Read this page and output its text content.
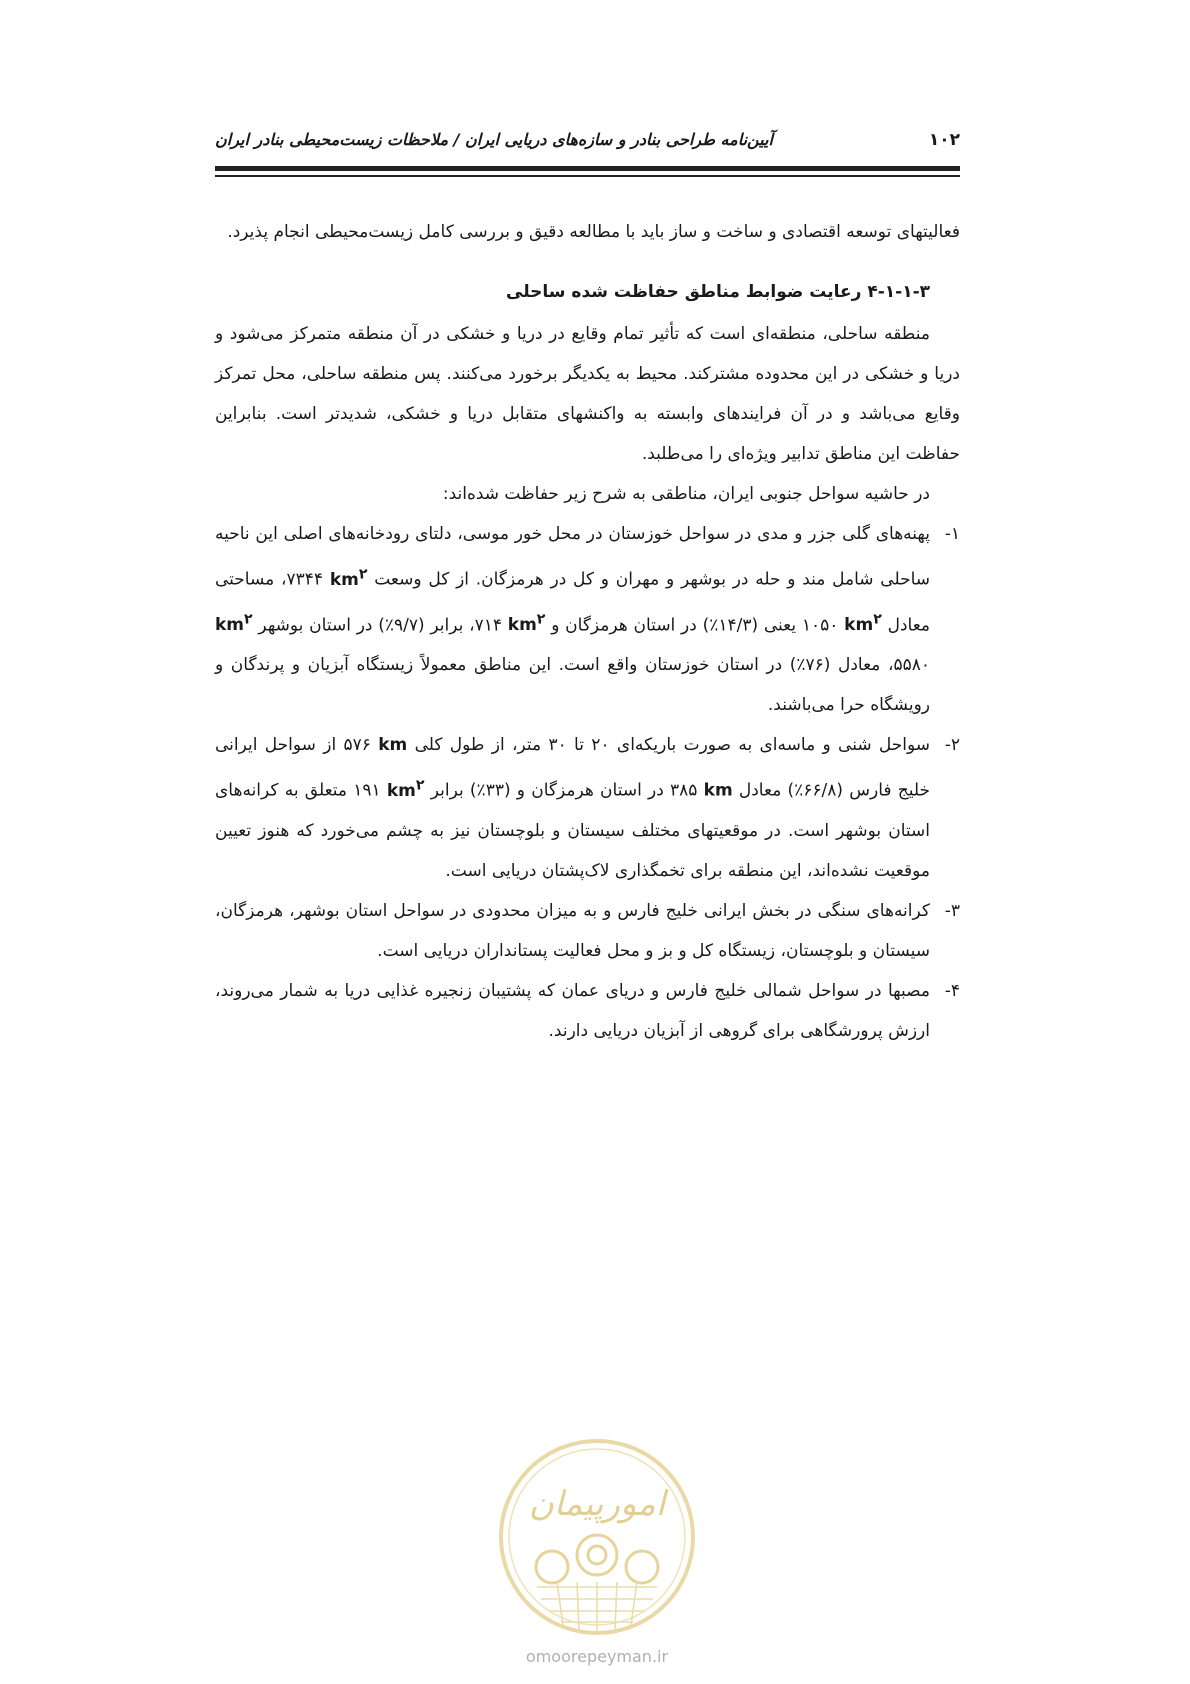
۱۰۲
آیین‌نامه طراحی بنادر و سازه‌های دریایی ایران / ملاحظات زیست‌محیطی بنادر ایران

فعالیتهای توسعه اقتصادی و ساخت و ساز باید با مطالعه دقیق و بررسی کامل زیست‌محیطی انجام پذیرد.

۴-۱-۱-۳ رعایت ضوابط مناطق حفاظت شده ساحلی

منطقه ساحلی، منطقه‌ای است که تأثیر تمام وقایع در دریا و خشکی در آن منطقه متمرکز می‌شود و دریا و خشکی در این محدوده مشترکند. محیط به یکدیگر برخورد می‌کنند. پس منطقه ساحلی، محل تمرکز وقایع می‌باشد و در آن فرایندهای وابسته به واکنشهای متقابل دریا و خشکی، شدیدتر است. بنابراین حفاظت این مناطق تدابیر ویژه‌ای را می‌طلبد.

در حاشیه سواحل جنوبی ایران، مناطقی به شرح زیر حفاظت شده‌اند:

۱-
پهنه‌های گلی جزر و مدی در سواحل خوزستان در محل خور موسی، دلتای رودخانه‌های اصلی این ناحیه ساحلی شامل مند و حله در بوشهر و مهران و کل در هرمزگان. از کل وسعت $km^۲$ ۷۳۴۴، مساحتی معادل $km^۲$ ۱۰۵۰ یعنی (۱۴/۳٪) در استان هرمزگان و $km^۲$ ۷۱۴، برابر (۹/۷٪) در استان بوشهر $km^۲$ ۵۵۸۰، معادل (۷۶٪) در استان خوزستان واقع است. این مناطق معمولاً زیستگاه آبزیان و پرندگان و رویشگاه حرا می‌باشند.
۲-
سواحل شنی و ماسه‌ای به صورت باریکه‌ای ۲۰ تا ۳۰ متر، از طول کلی km ۵۷۶ از سواحل ایرانی خلیج فارس (۶۶/۸٪) معادل km ۳۸۵ در استان هرمزگان و (۳۳٪) برابر $km^۲$ ۱۹۱ متعلق به کرانه‌های استان بوشهر است. در موقعیتهای مختلف سیستان و بلوچستان نیز به چشم می‌خورد که هنوز تعیین موقعیت نشده‌اند، این منطقه برای تخمگذاری لاک‌پشتان دریایی است.
۳-
کرانه‌های سنگی در بخش ایرانی خلیج فارس و به میزان محدودی در سواحل استان بوشهر، هرمزگان، سیستان و بلوچستان، زیستگاه کل و بز و محل فعالیت پستانداران دریایی است.
۴-
مصبها در سواحل شمالی خلیج فارس و دریای عمان که پشتیبان زنجیره غذایی دریا به شمار می‌روند، ارزش پرورشگاهی برای گروهی از آبزیان دریایی دارند.
امورپیمان
omoorepeyman.ir
